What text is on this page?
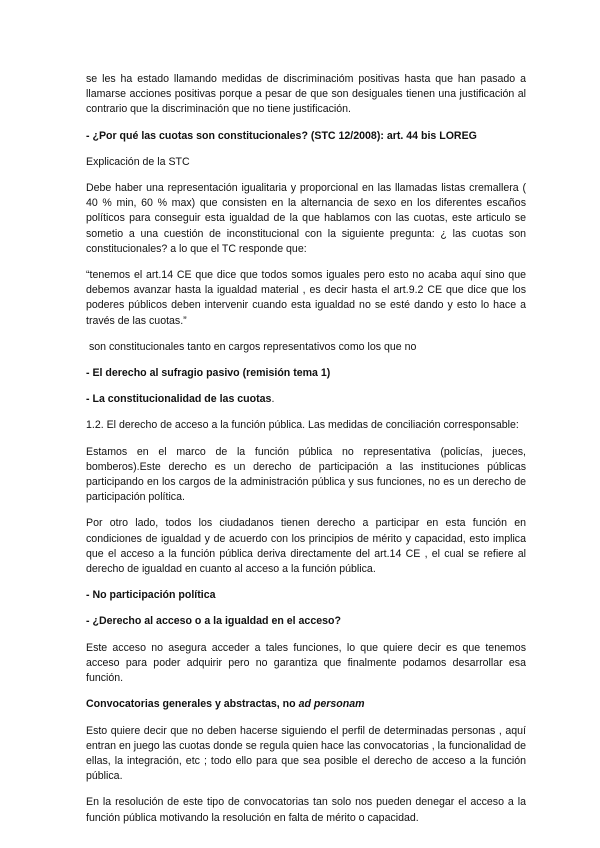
se les ha estado llamando medidas de discriminacióm positivas hasta que han pasado a llamarse acciones positivas porque a pesar de que son desiguales tienen una justificación al contrario que la discriminación que no tiene justificación.

- ¿Por qué las cuotas son constitucionales? (STC 12/2008): art. 44 bis LOREG

Explicación de la STC

Debe haber una representación igualitaria y proporcional en las llamadas listas cremallera ( 40 % min, 60 % max) que consisten en la alternancia de sexo en los diferentes escaños políticos para conseguir esta igualdad de la que hablamos con las cuotas, este articulo se sometio a una cuestión de inconstitucional con la siguiente pregunta: ¿ las cuotas son constitucionales? a lo que el TC responde que:

“tenemos el art.14 CE que dice que todos somos iguales pero esto no acaba aquí sino que debemos avanzar hasta la igualdad material , es decir hasta el art.9.2 CE que dice que los poderes públicos deben intervenir cuando esta igualdad no se esté dando y esto lo hace a través de las cuotas.”

son constitucionales tanto en cargos representativos como los que no

- El derecho al sufragio pasivo (remisión tema 1)

- La constitucionalidad de las cuotas.

1.2. El derecho de acceso a la función pública. Las medidas de conciliación corresponsable:

Estamos en el marco de la función pública no representativa (policías, jueces, bomberos).Este derecho es un derecho de participación a las instituciones públicas participando en los cargos de la administración pública y sus funciones, no es un derecho de participación política.

Por otro lado, todos los ciudadanos tienen derecho a participar en esta función en condiciones de igualdad y de acuerdo con los principios de mérito y capacidad, esto implica que el acceso a la función pública deriva directamente del art.14 CE , el cual se refiere al derecho de igualdad en cuanto al acceso a la función pública.

- No participación política

- ¿Derecho al acceso o a la igualdad en el acceso?

Este acceso no asegura acceder a tales funciones, lo que quiere decir es que tenemos acceso para poder adquirir pero no garantiza que finalmente podamos desarrollar esa función.

Convocatorias generales y abstractas, no ad personam

Esto quiere decir que no deben hacerse siguiendo el perfil de determinadas personas , aquí entran en juego las cuotas donde se regula quien hace las convocatorias , la funcionalidad de ellas, la integración, etc ; todo ello para que sea posible el derecho de acceso a la función pública.

En la resolución de este tipo de convocatorias tan solo nos pueden denegar el acceso a la función pública motivando la resolución en falta de mérito o capacidad.
